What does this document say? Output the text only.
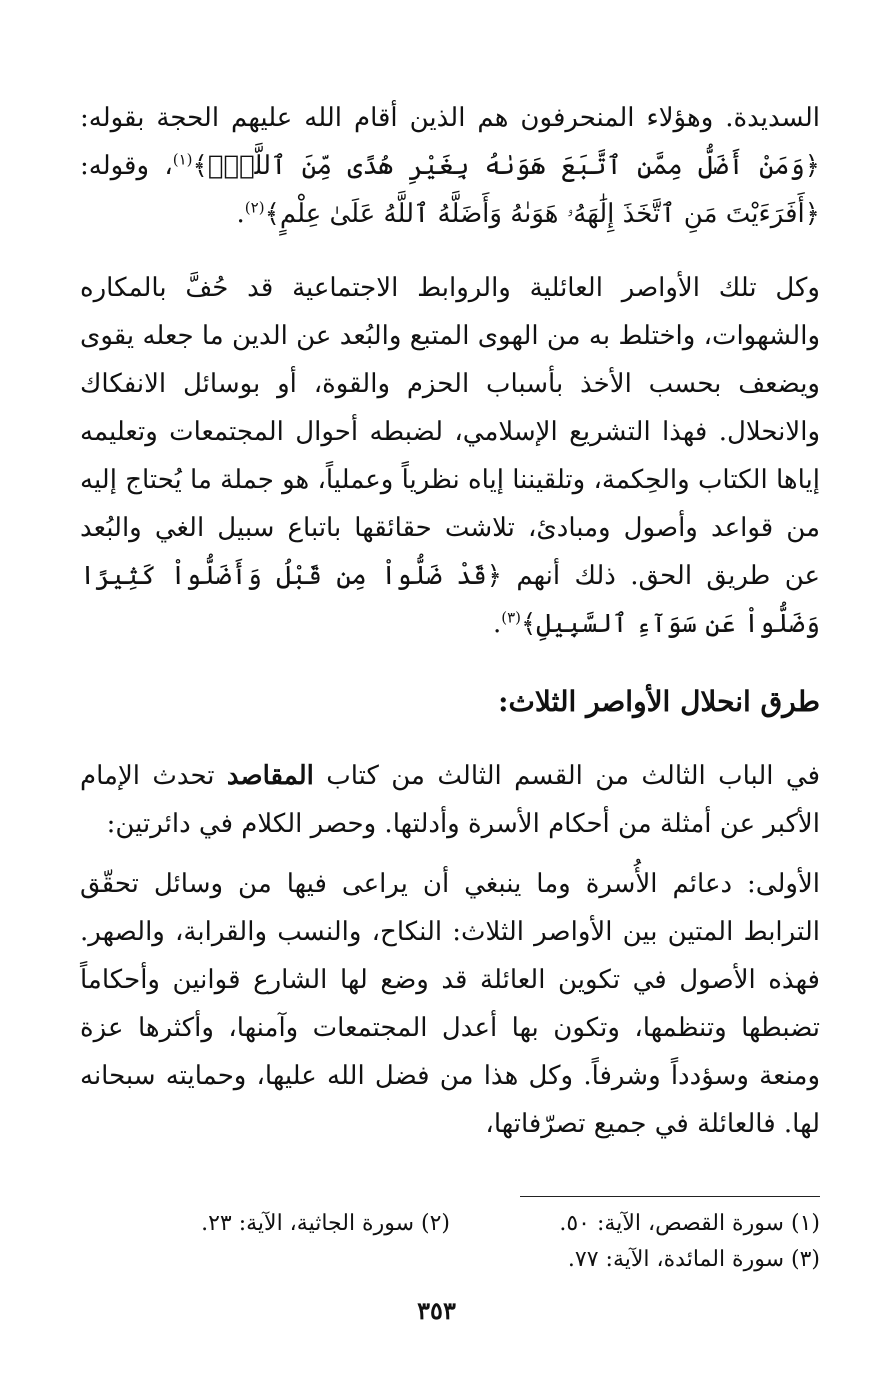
السديدة. وهؤلاء المنحرفون هم الذين أقام الله عليهم الحجة بقوله: ﴿وَمَنْ أَضَلُّ مِمَّنِ ٱتَّبَعَ هَوَىٰهُ بِغَيْرِ هُدًى مِّنَ ٱللَّهِۚ﴾$^{(١)}$، وقوله: ﴿أَفَرَءَيْتَ مَنِ ٱتَّخَذَ إِلَٰهَهُۥ هَوَىٰهُ وَأَضَلَّهُ ٱللَّهُ عَلَىٰ عِلْمٍ﴾$^{(٢)}$.

وكل تلك الأواصر العائلية والروابط الاجتماعية قد حُفَّ بالمكاره والشهوات، واختلط به من الهوى المتبع والبُعد عن الدين ما جعله يقوى ويضعف بحسب الأخذ بأسباب الحزم والقوة، أو بوسائل الانفكاك والانحلال. فهذا التشريع الإسلامي، لضبطه أحوال المجتمعات وتعليمه إياها الكتاب والحِكمة، وتلقيننا إياه نظرياً وعملياً، هو جملة ما يُحتاج إليه من قواعد وأصول ومبادئ، تلاشت حقائقها باتباع سبيل الغي والبُعد عن طريق الحق. ذلك أنهم ﴿قَدْ ضَلُّواْ مِن قَبْلُ وَأَضَلُّواْ كَثِيرًا وَضَلُّواْ عَن سَوَآءِ ٱلسَّبِيلِ﴾$^{(٣)}$.

طرق انحلال الأواصر الثلاث:

في الباب الثالث من القسم الثالث من كتاب المقاصد تحدث الإمام الأكبر عن أمثلة من أحكام الأسرة وأدلتها. وحصر الكلام في دائرتين:

الأولى: دعائم الأُسرة وما ينبغي أن يراعى فيها من وسائل تحقّق الترابط المتين بين الأواصر الثلاث: النكاح، والنسب والقرابة، والصهر. فهذه الأصول في تكوين العائلة قد وضع لها الشارع قوانين وأحكاماً تضبطها وتنظمها، وتكون بها أعدل المجتمعات وآمنها، وأكثرها عزة ومنعة وسؤدداً وشرفاً. وكل هذا من فضل الله عليها، وحمايته سبحانه لها. فالعائلة في جميع تصرّفاتها،

(١) سورة القصص، الآية: ٥٠.
(٢) سورة الجاثية، الآية: ٢٣.
(٣) سورة المائدة، الآية: ٧٧.
٣٥٣
